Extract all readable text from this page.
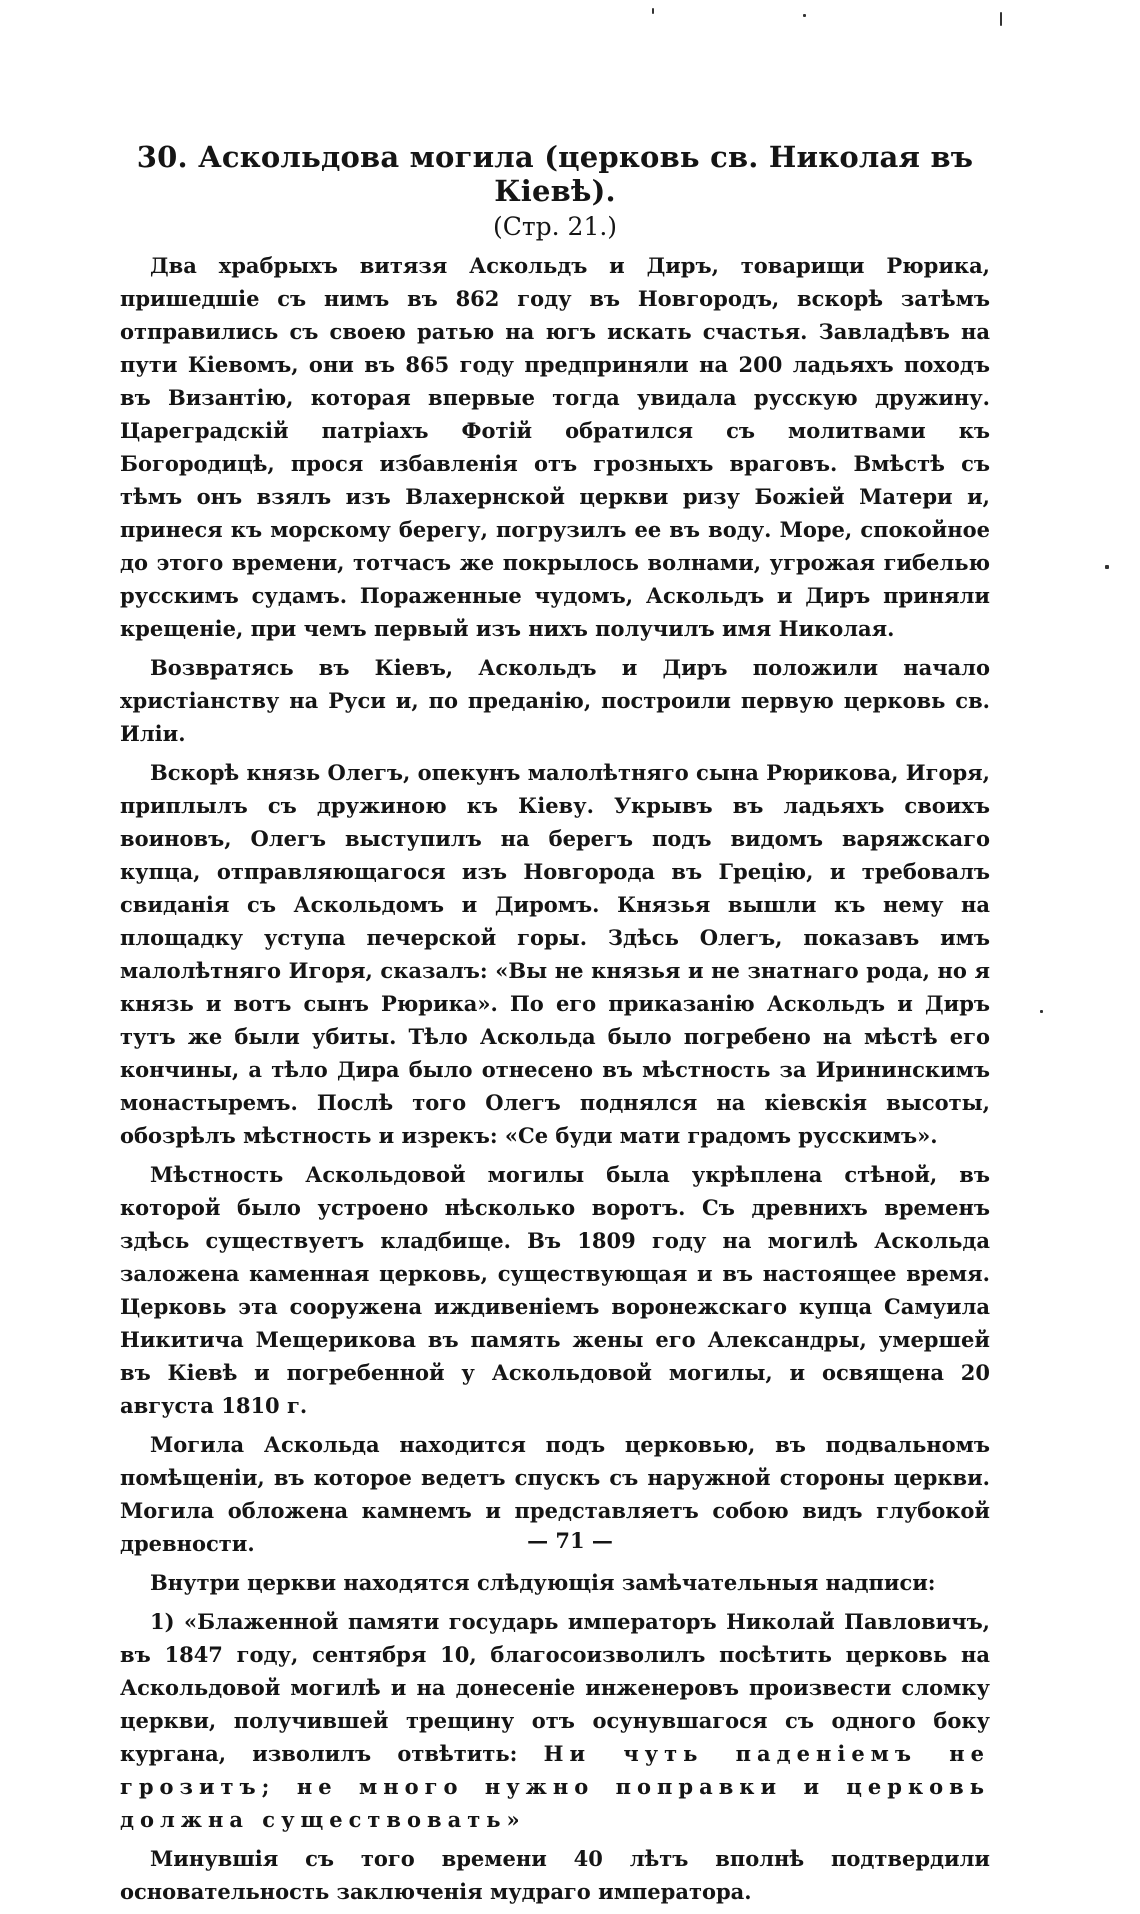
30. Аскольдова могила (церковь св. Николая въ Кіевѣ).
(Стр. 21.)

Два храбрыхъ витязя Аскольдъ и Диръ, товарищи Рюрика, пришедшіе съ нимъ въ 862 году въ Новгородъ, вскорѣ затѣмъ отправились съ своею ратью на югъ искать счастья. Завладѣвъ на пути Кіевомъ, они въ 865 году предприняли на 200 ладьяхъ походъ въ Византію, которая впервые тогда увидала русскую дружину. Цареградскій патріахъ Фотій обратился съ молитвами къ Богородицѣ, прося избавленія отъ грозныхъ враговъ. Вмѣстѣ съ тѣмъ онъ взялъ изъ Влахернской церкви ризу Божіей Матери и, принеся къ морскому берегу, погрузилъ ее въ воду. Море, спокойное до этого времени, тотчасъ же покрылось волнами, угрожая гибелью русскимъ судамъ. Пораженные чудомъ, Аскольдъ и Диръ приняли крещеніе, при чемъ первый изъ нихъ получилъ имя Николая.

Возвратясь въ Кіевъ, Аскольдъ и Диръ положили начало христіанству на Руси и, по преданію, построили первую церковь св. Иліи.

Вскорѣ князь Олегъ, опекунъ малолѣтняго сына Рюрикова, Игоря, приплылъ съ дружиною къ Кіеву. Укрывъ въ ладьяхъ своихъ воиновъ, Олегъ выступилъ на берегъ подъ видомъ варяжскаго купца, отправляющагося изъ Новгорода въ Грецію, и требовалъ свиданія съ Аскольдомъ и Диромъ. Князья вышли къ нему на площадку уступа печерской горы. Здѣсь Олегъ, показавъ имъ малолѣтняго Игоря, сказалъ: «Вы не князья и не знатнаго рода, но я князь и вотъ сынъ Рюрика». По его приказанію Аскольдъ и Диръ тутъ же были убиты. Тѣло Аскольда было погребено на мѣстѣ его кончины, а тѣло Дира было отнесено въ мѣстность за Ирининскимъ монастыремъ. Послѣ того Олегъ поднялся на кіевскія высоты, обозрѣлъ мѣстность и изрекъ: «Се буди мати градомъ русскимъ».

Мѣстность Аскольдовой могилы была укрѣплена стѣной, въ которой было устроено нѣсколько воротъ. Съ древнихъ временъ здѣсь существуетъ кладбище. Въ 1809 году на могилѣ Аскольда заложена каменная церковь, существующая и въ настоящее время. Церковь эта сооружена иждивеніемъ воронежскаго купца Самуила Никитича Мещерикова въ память жены его Александры, умершей въ Кіевѣ и погребенной у Аскольдовой могилы, и освящена 20 августа 1810 г.

Могила Аскольда находится подъ церковью, въ подвальномъ помѣщеніи, въ которое ведетъ спускъ съ наружной стороны церкви. Могила обложена камнемъ и представляетъ собою видъ глубокой древности.

Внутри церкви находятся слѣдующія замѣчательныя надписи:

1) «Блаженной памяти государь императоръ Николай Павловичъ, въ 1847 году, сентября 10, благосоизволилъ посѣтить церковь на Аскольдовой могилѣ и на донесеніе инженеровъ произвести сломку церкви, получившей трещину отъ осунувшагося съ одного боку кургана, изволилъ отвѣтить: Ни чуть паденіемъ не грозитъ; не много нужно поправки и церковь должна существовать»

Минувшія съ того времени 40 лѣтъ вполнѣ подтвердили основательность заключенія мудраго императора.

— 71 —
